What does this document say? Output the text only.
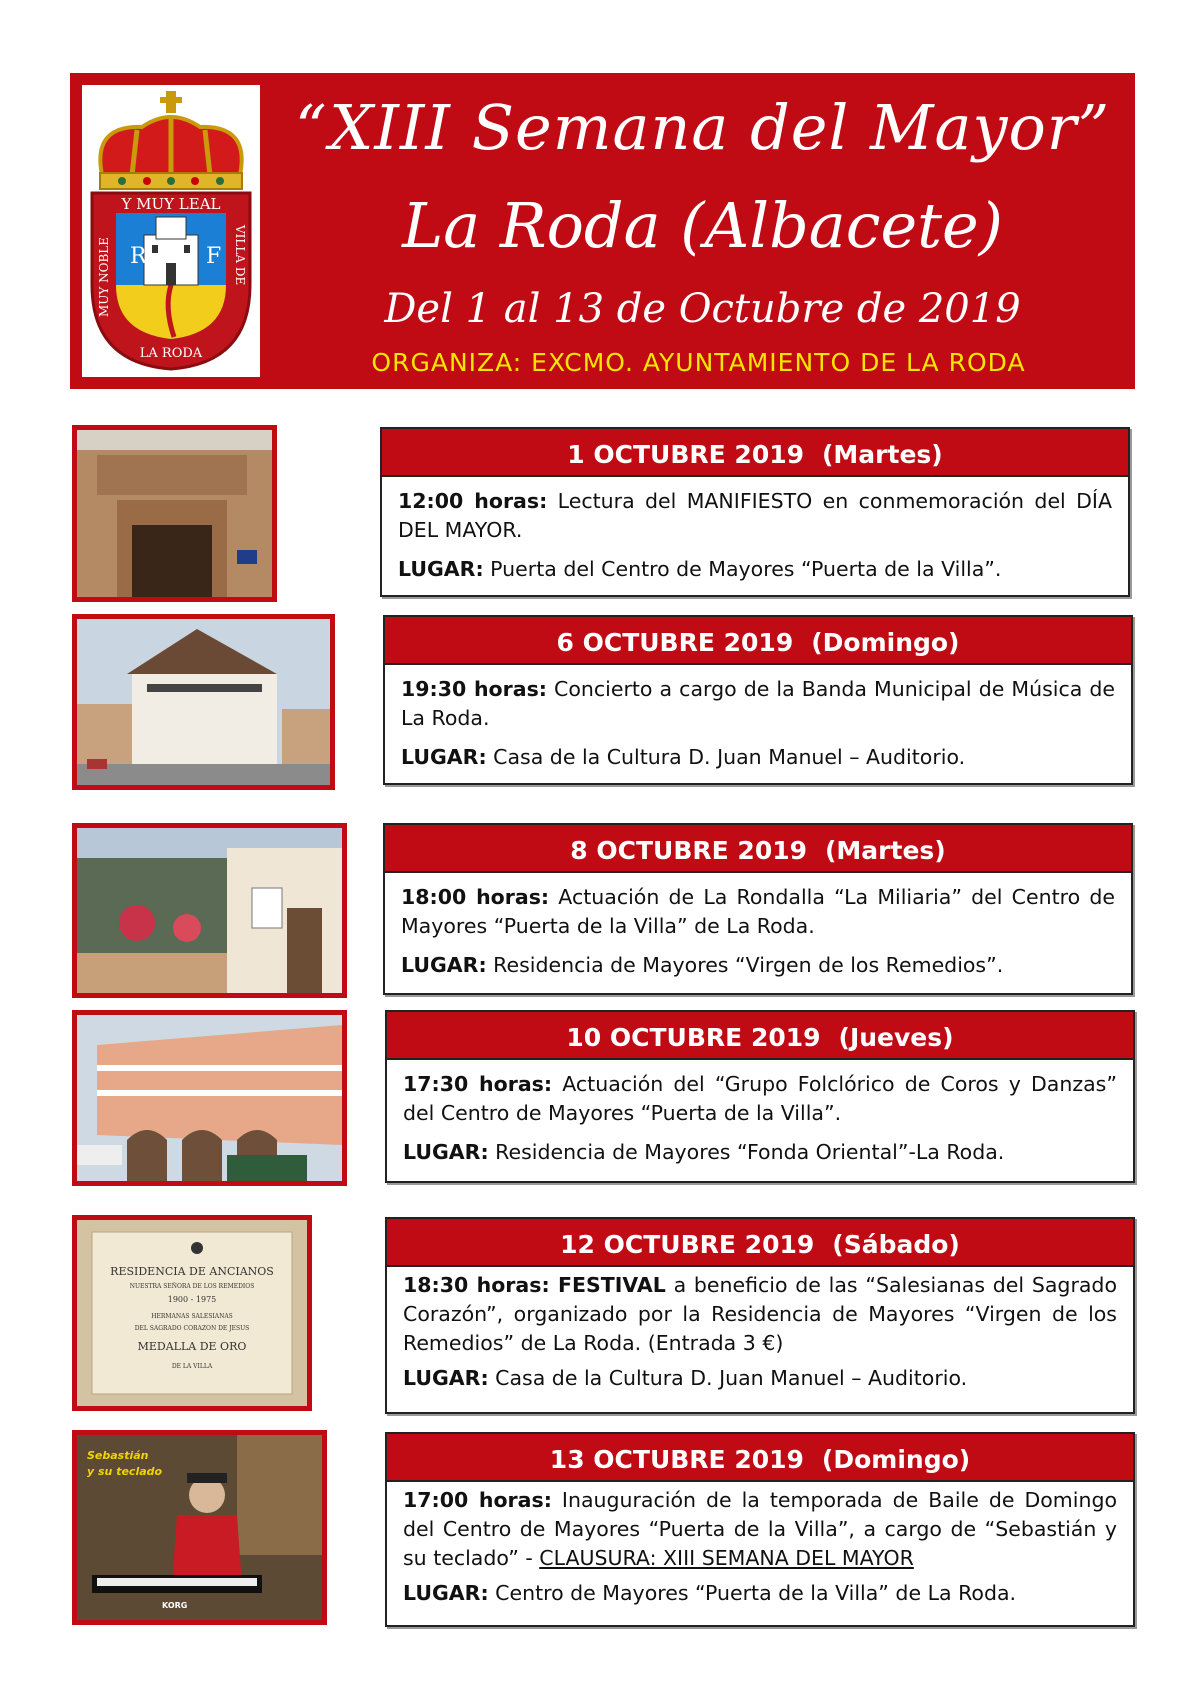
R	F
Y MUY LEAL
LA RODA
MUY NOBLE	VILLA DE
“XIII Semana del Mayor”
La Roda (Albacete)
Del 1 al 13 de Octubre de 2019
ORGANIZA: EXCMO. AYUNTAMIENTO DE LA RODA
RESIDENCIA DE ANCIANOS
NUESTRA SEÑORA DE LOS REMEDIOS
1900 - 1975
HERMANAS SALESIANAS
DEL SAGRADO CORAZON DE JESUS
MEDALLA DE ORO
DE LA VILLA
Sebastián
y su teclado
KORG
1 OCTUBRE 2019 (Martes)
12:00 horas: Lectura del MANIFIESTO en conmemoración del DÍA DEL MAYOR.
LUGAR: Puerta del Centro de Mayores “Puerta de la Villa”.
6 OCTUBRE 2019 (Domingo)
19:30 horas: Concierto a cargo de la Banda Municipal de Música de La Roda.
LUGAR: Casa de la Cultura D. Juan Manuel – Auditorio.
8 OCTUBRE 2019 (Martes)
18:00 horas: Actuación de La Rondalla “La Miliaria” del Centro de Mayores “Puerta de la Villa” de La Roda.
LUGAR: Residencia de Mayores “Virgen de los Remedios”.
10 OCTUBRE 2019 (Jueves)
17:30 horas: Actuación del “Grupo Folclórico de Coros y Danzas” del Centro de Mayores “Puerta de la Villa”.
LUGAR: Residencia de Mayores “Fonda Oriental”-La Roda.
12 OCTUBRE 2019 (Sábado)
18:30 horas: FESTIVAL a beneficio de las “Salesianas del Sagrado Corazón”, organizado por la Residencia de Mayores “Virgen de los Remedios” de La Roda. (Entrada 3 €)
LUGAR: Casa de la Cultura D. Juan Manuel – Auditorio.
13 OCTUBRE 2019 (Domingo)
17:00 horas: Inauguración de la temporada de Baile de Domingo del Centro de Mayores “Puerta de la Villa”, a cargo de “Sebastián y su teclado” - CLAUSURA: XIII SEMANA DEL MAYOR
LUGAR: Centro de Mayores “Puerta de la Villa” de La Roda.
